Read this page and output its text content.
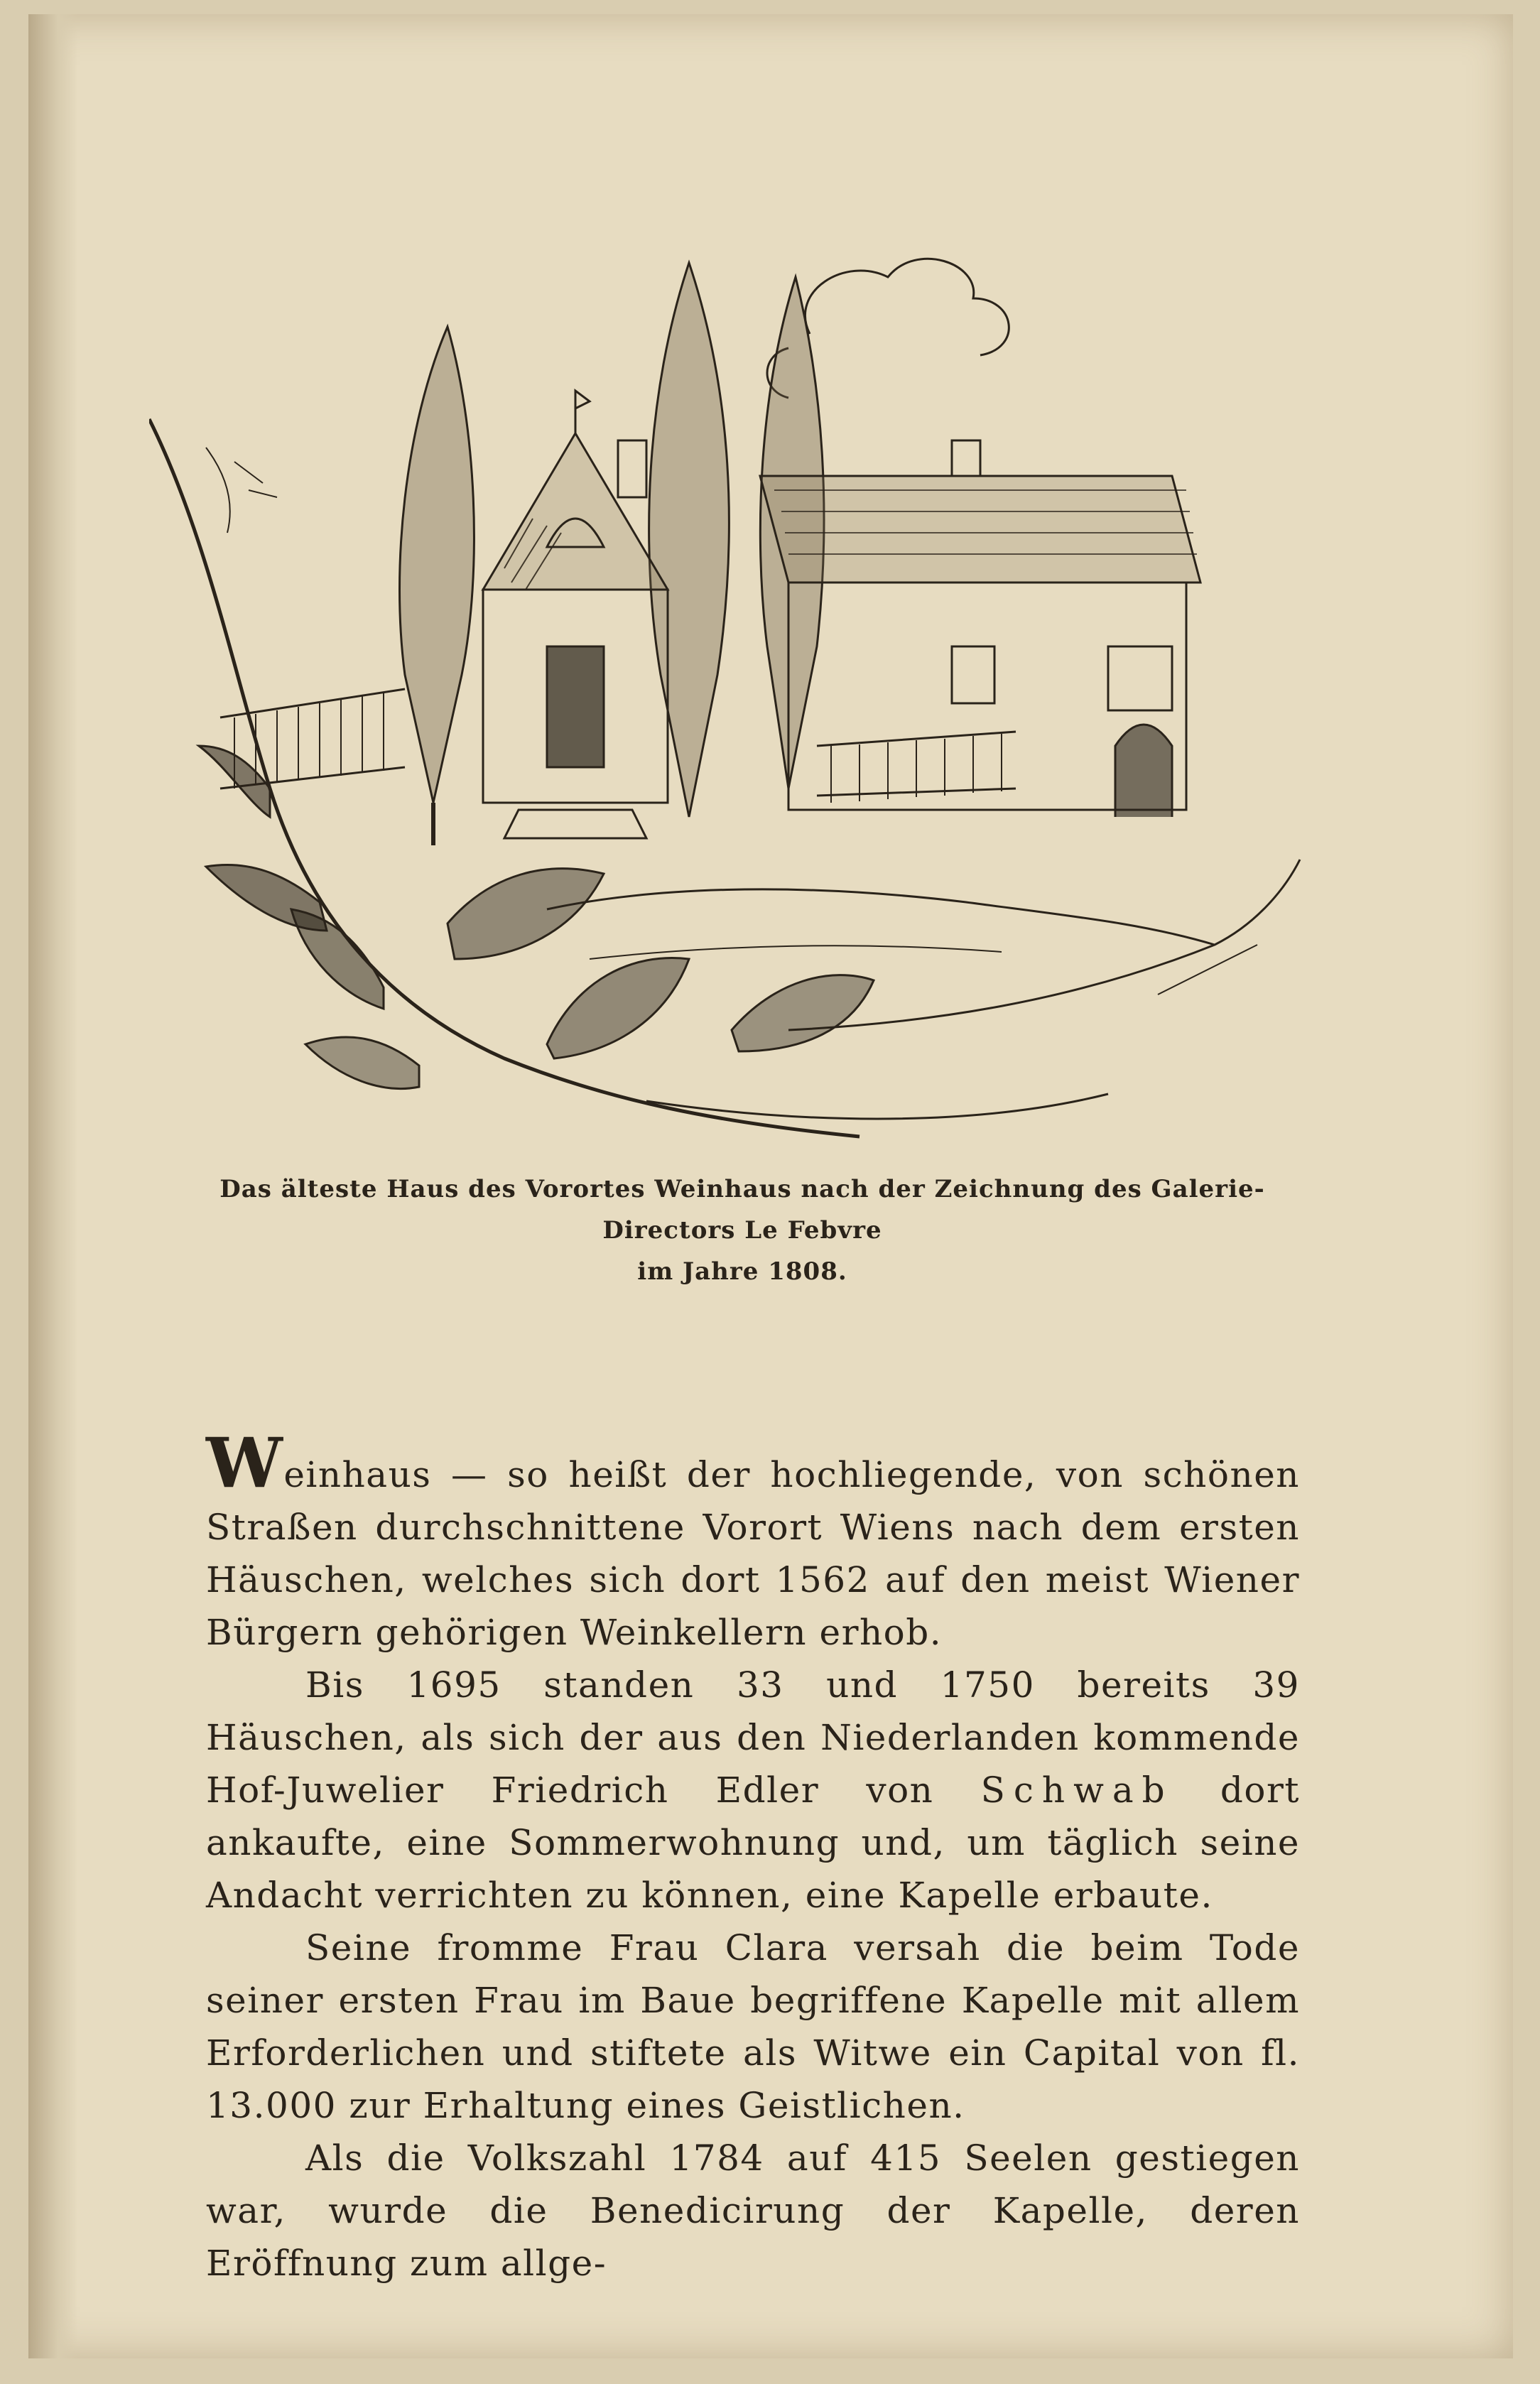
Das älteste Haus des Vorortes Weinhaus nach der Zeichnung des Galerie-Directors Le Febvre
im Jahre 1808.

Weinhaus — so heißt der hochliegende, von schönen Straßen durchschnittene Vorort Wiens nach dem ersten Häuschen, welches sich dort 1562 auf den meist Wiener Bürgern gehörigen Weinkellern erhob.

Bis 1695 standen 33 und 1750 bereits 39 Häuschen, als sich der aus den Niederlanden kommende Hof-Juwelier Friedrich Edler von Schwab dort ankaufte, eine Sommerwohnung und, um täglich seine Andacht verrichten zu können, eine Kapelle erbaute.

Seine fromme Frau Clara versah die beim Tode seiner ersten Frau im Baue begriffene Kapelle mit allem Erforderlichen und stiftete als Witwe ein Capital von fl. 13.000 zur Erhaltung eines Geistlichen.

Als die Volkszahl 1784 auf 415 Seelen gestiegen war, wurde die Benedicirung der Kapelle, deren Eröffnung zum allge-
